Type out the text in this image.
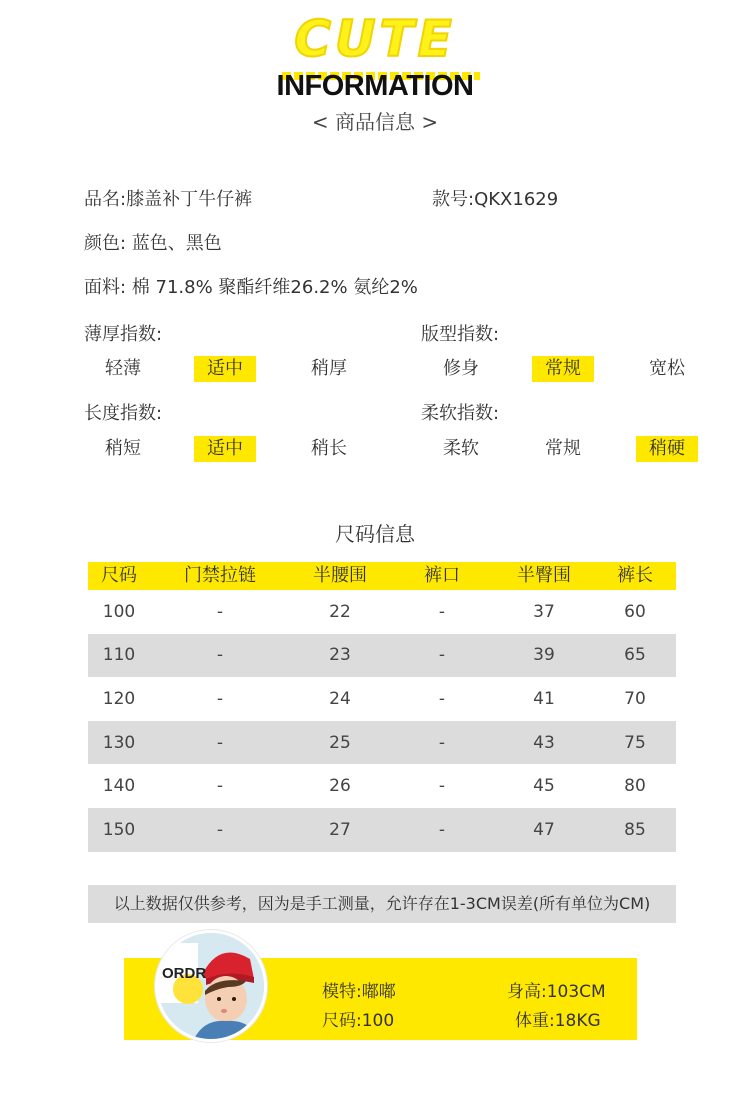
CUTE
INFORMATION
< 商品信息 >
品名:膝盖补丁牛仔裤	款号:QKX1629
颜色: 蓝色、黑色
面料: 棉 71.8% 聚酯纤维26.2% 氨纶2%
薄厚指数:	版型指数:
长度指数:	柔软指数:
轻薄	适中	稍厚	修身	常规	宽松
稍短	适中	稍长	柔软	常规	稍硬
尺码信息
尺码	门禁拉链	半腰围	裤口	半臀围	裤长
100	-	22	-	37	60
110	-	23	-	39	65
120	-	24	-	41	70
130	-	25	-	43	75
140	-	26	-	45	80
150	-	27	-	47	85
以上数据仅供参考，因为是手工测量，允许存在1-3CM误差(所有单位为CM)
ORDR
模特:嘟嘟	身高:103CM
尺码:100	体重:18KG
